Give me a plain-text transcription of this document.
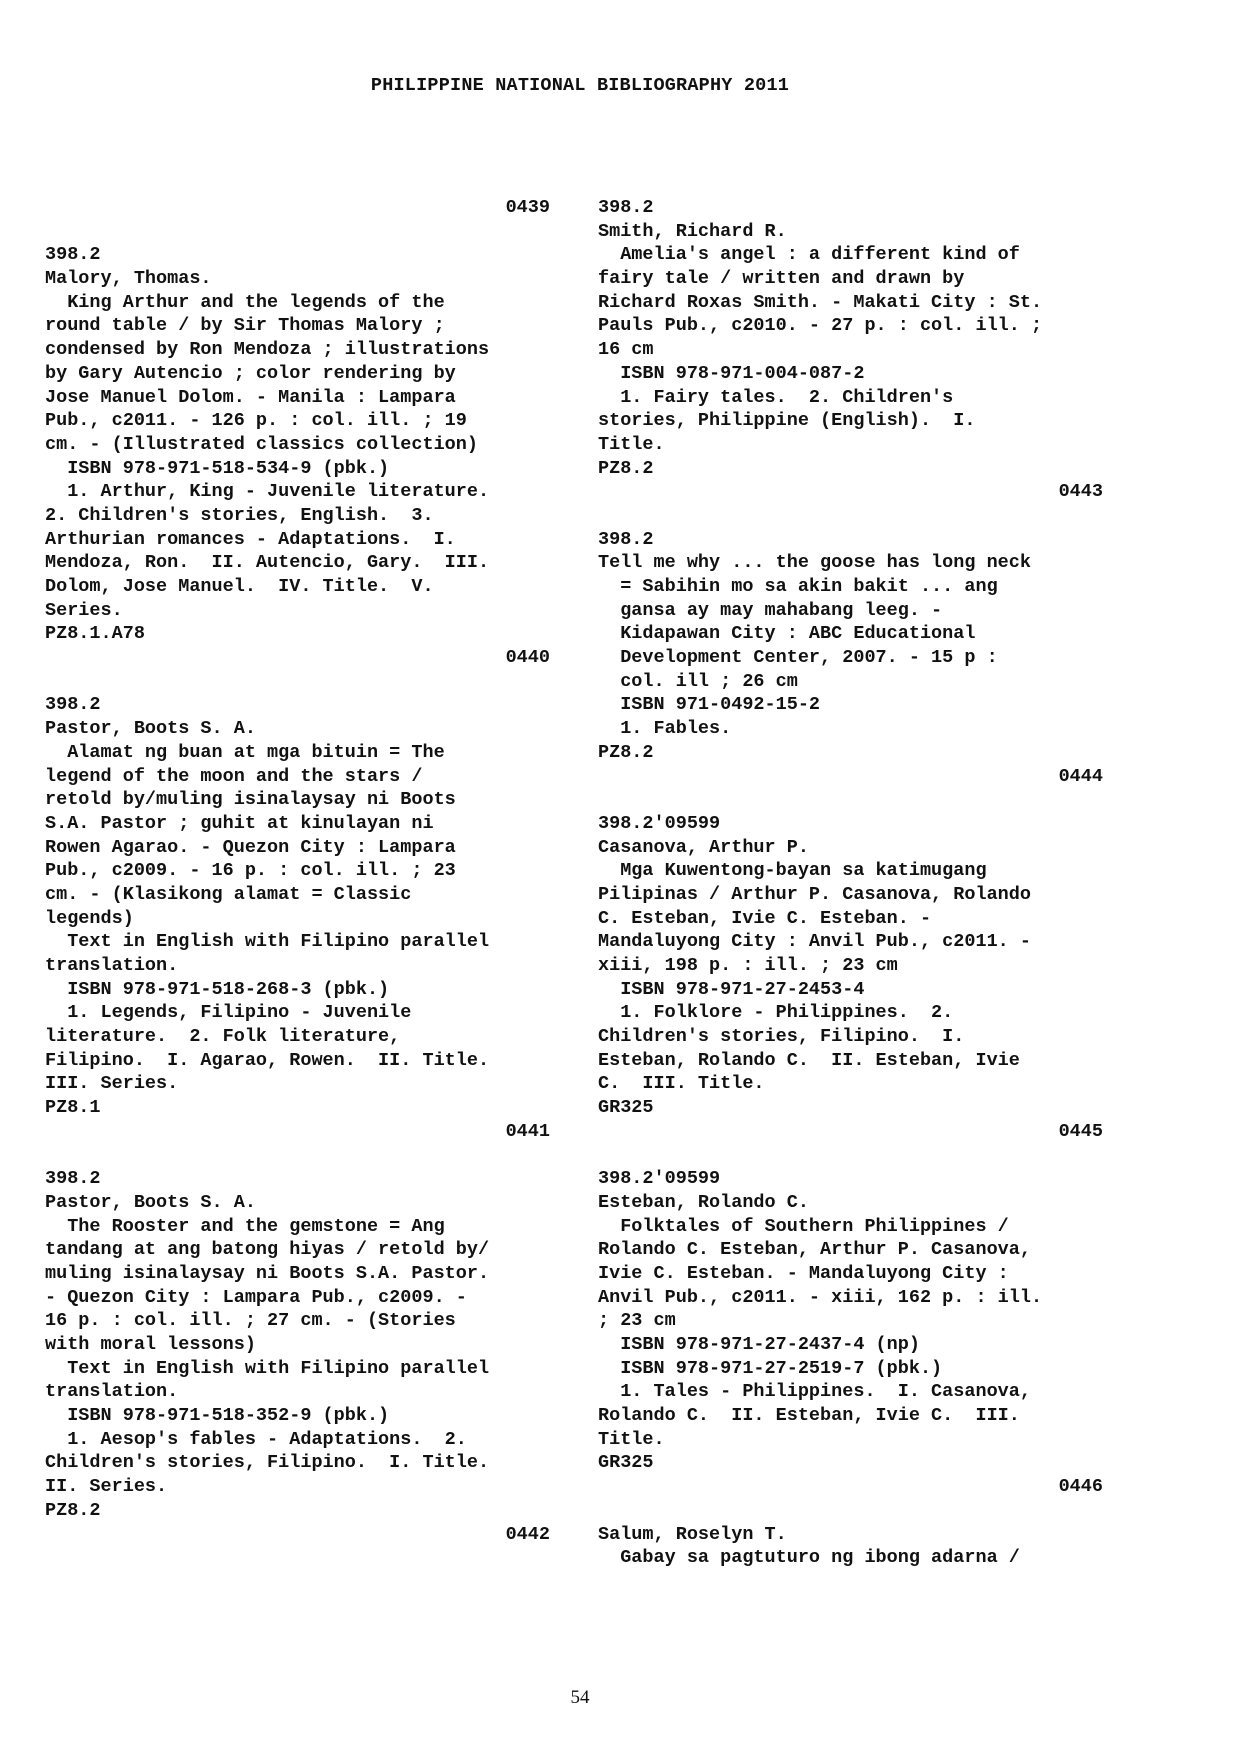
PHILIPPINE NATIONAL BIBLIOGRAPHY 2011
0439
398.2
Malory, Thomas.
King Arthur and the legends of the
round table / by Sir Thomas Malory ;
condensed by Ron Mendoza ; illustrations
by Gary Autencio ; color rendering by
Jose Manuel Dolom. - Manila : Lampara
Pub., c2011. - 126 p. : col. ill. ; 19
cm. - (Illustrated classics collection)
ISBN 978-971-518-534-9 (pbk.)
1. Arthur, King - Juvenile literature.
2. Children's stories, English.  3.
Arthurian romances - Adaptations.  I.
Mendoza, Ron.  II. Autencio, Gary.  III.
Dolom, Jose Manuel.  IV. Title.  V.
Series.
PZ8.1.A78
0440
398.2
Pastor, Boots S. A.
Alamat ng buan at mga bituin = The
legend of the moon and the stars /
retold by/muling isinalaysay ni Boots
S.A. Pastor ; guhit at kinulayan ni
Rowen Agarao. - Quezon City : Lampara
Pub., c2009. - 16 p. : col. ill. ; 23
cm. - (Klasikong alamat = Classic
legends)
Text in English with Filipino parallel
translation.
ISBN 978-971-518-268-3 (pbk.)
1. Legends, Filipino - Juvenile
literature.  2. Folk literature,
Filipino.  I. Agarao, Rowen.  II. Title.
III. Series.
PZ8.1
0441
398.2
Pastor, Boots S. A.
The Rooster and the gemstone = Ang
tandang at ang batong hiyas / retold by/
muling isinalaysay ni Boots S.A. Pastor.
- Quezon City : Lampara Pub., c2009. -
16 p. : col. ill. ; 27 cm. - (Stories
with moral lessons)
Text in English with Filipino parallel
translation.
ISBN 978-971-518-352-9 (pbk.)
1. Aesop's fables - Adaptations.  2.
Children's stories, Filipino.  I. Title.
II. Series.
PZ8.2
0442
398.2
Smith, Richard R.
Amelia's angel : a different kind of
fairy tale / written and drawn by
Richard Roxas Smith. - Makati City : St.
Pauls Pub., c2010. - 27 p. : col. ill. ;
16 cm
ISBN 978-971-004-087-2
1. Fairy tales.  2. Children's
stories, Philippine (English).  I.
Title.
PZ8.2
0443
398.2
Tell me why ... the goose has long neck
= Sabihin mo sa akin bakit ... ang
gansa ay may mahabang leeg. -
Kidapawan City : ABC Educational
Development Center, 2007. - 15 p :
col. ill ; 26 cm
ISBN 971-0492-15-2
1. Fables.
PZ8.2
0444
398.2'09599
Casanova, Arthur P.
Mga Kuwentong-bayan sa katimugang
Pilipinas / Arthur P. Casanova, Rolando
C. Esteban, Ivie C. Esteban. -
Mandaluyong City : Anvil Pub., c2011. -
xiii, 198 p. : ill. ; 23 cm
ISBN 978-971-27-2453-4
1. Folklore - Philippines.  2.
Children's stories, Filipino.  I.
Esteban, Rolando C.  II. Esteban, Ivie
C.  III. Title.
GR325
0445
398.2'09599
Esteban, Rolando C.
Folktales of Southern Philippines /
Rolando C. Esteban, Arthur P. Casanova,
Ivie C. Esteban. - Mandaluyong City :
Anvil Pub., c2011. - xiii, 162 p. : ill.
; 23 cm
ISBN 978-971-27-2437-4 (np)
ISBN 978-971-27-2519-7 (pbk.)
1. Tales - Philippines.  I. Casanova,
Rolando C.  II. Esteban, Ivie C.  III.
Title.
GR325
0446
Salum, Roselyn T.
Gabay sa pagtuturo ng ibong adarna /
54
